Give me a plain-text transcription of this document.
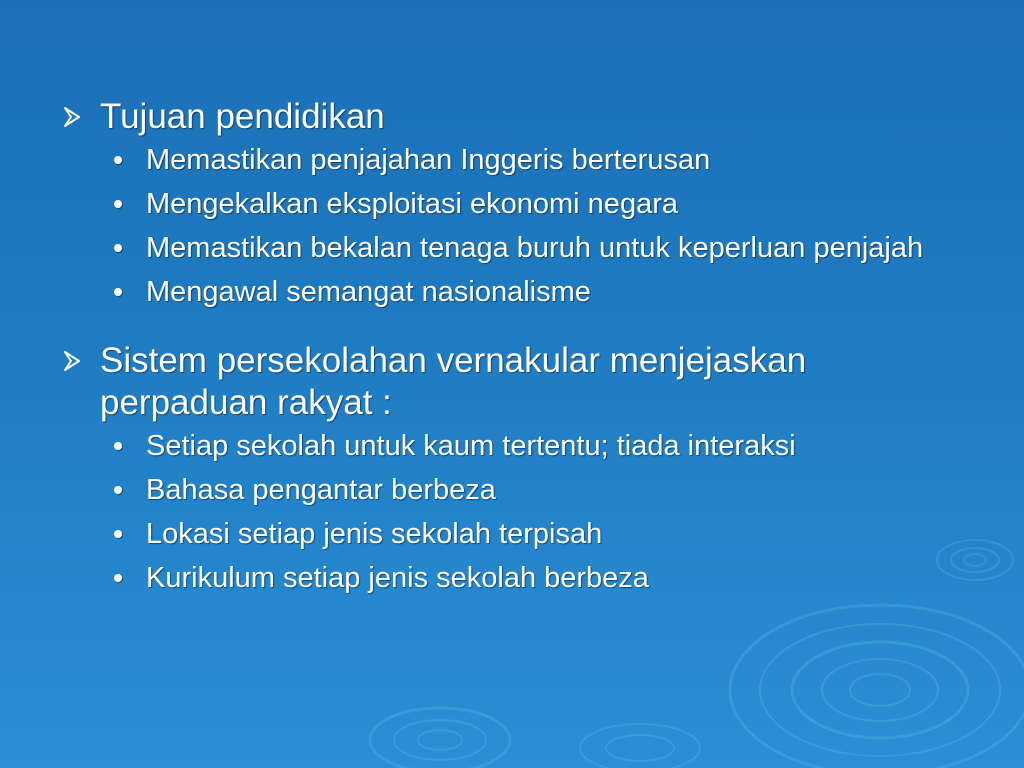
Tujuan pendidikan
Memastikan penjajahan Inggeris berterusan
Mengekalkan eksploitasi ekonomi negara
Memastikan bekalan tenaga buruh untuk keperluan penjajah
Mengawal semangat nasionalisme
Sistem persekolahan vernakular menjejaskan perpaduan rakyat :
Setiap sekolah untuk kaum tertentu; tiada interaksi
Bahasa pengantar berbeza
Lokasi setiap jenis sekolah terpisah
Kurikulum setiap jenis sekolah berbeza
